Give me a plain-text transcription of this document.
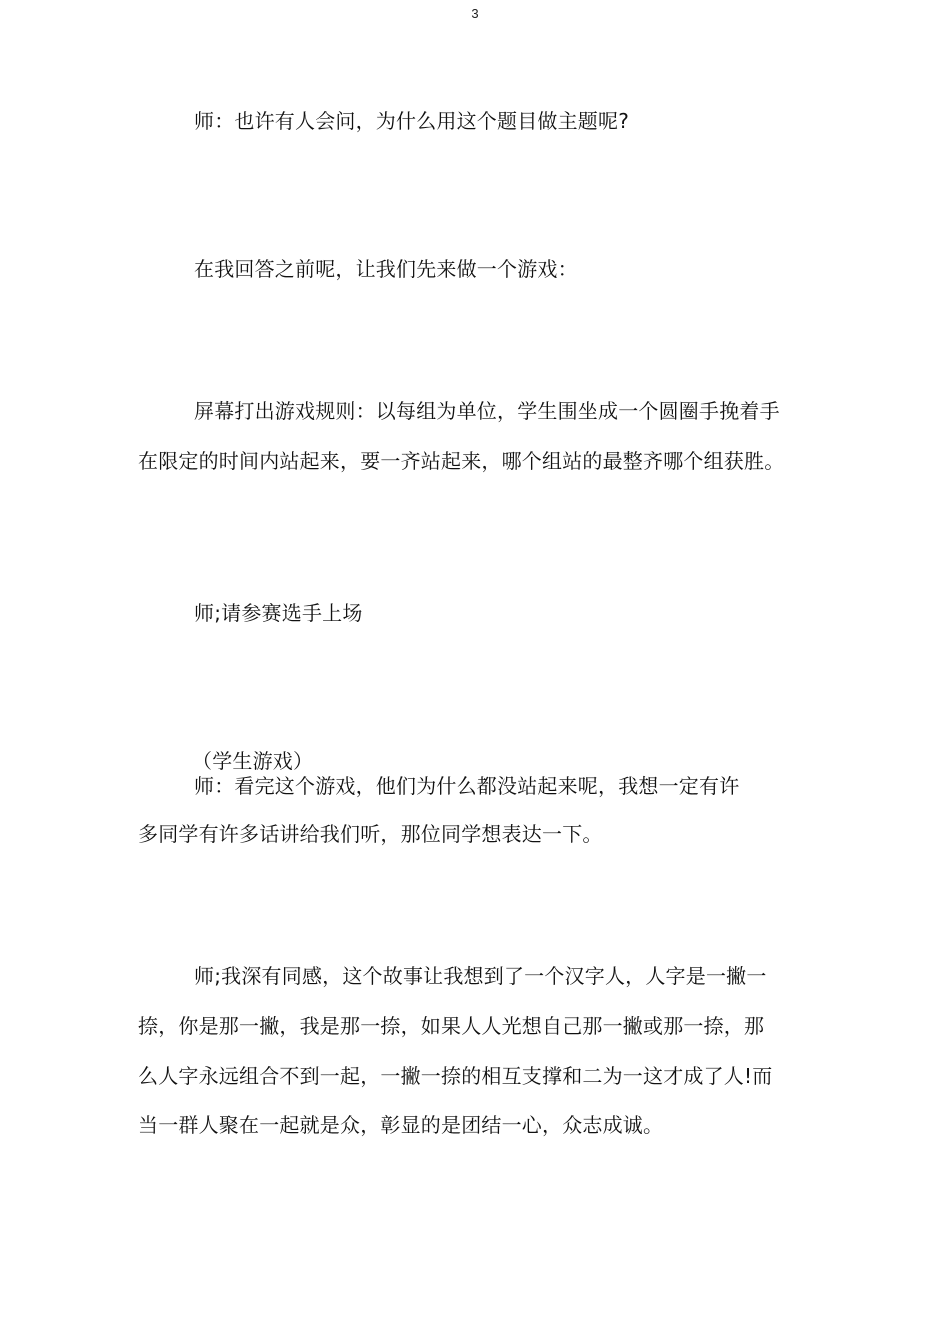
3
师：也许有人会问，为什么用这个题目做主题呢?
在我回答之前呢，让我们先来做一个游戏：
屏幕打出游戏规则：以每组为单位，学生围坐成一个圆圈手挽着手
在限定的时间内站起来，要一齐站起来，哪个组站的最整齐哪个组获胜。
师;请参赛选手上场
（学生游戏）
师：看完这个游戏，他们为什么都没站起来呢，我想一定有许
多同学有许多话讲给我们听，那位同学想表达一下。
师;我深有同感，这个故事让我想到了一个汉字人，人字是一撇一
捺，你是那一撇，我是那一捺，如果人人光想自己那一撇或那一捺，那
么人字永远组合不到一起，一撇一捺的相互支撑和二为一这才成了人!而
当一群人聚在一起就是众，彰显的是团结一心，众志成诚。
